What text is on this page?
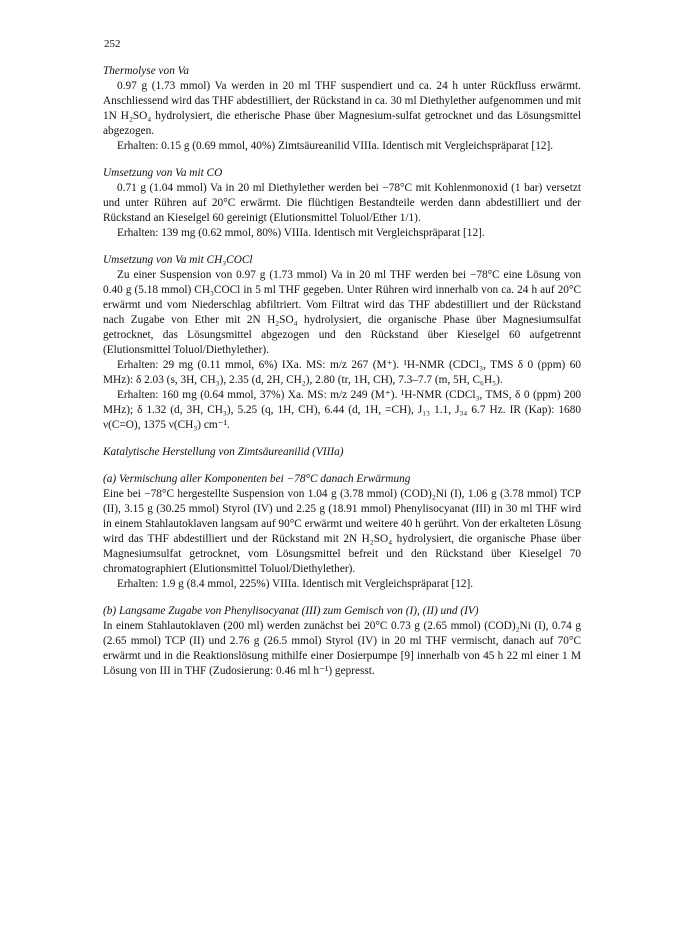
252
Thermolyse von Va

0.97 g (1.73 mmol) Va werden in 20 ml THF suspendiert und ca. 24 h unter Rückfluss erwärmt. Anschliessend wird das THF abdestilliert, der Rückstand in ca. 30 ml Diethylether aufgenommen und mit 1N H₂SO₄ hydrolysiert, die etherische Phase über Magnesium-sulfat getrocknet und das Lösungsmittel abgezogen.

Erhalten: 0.15 g (0.69 mmol, 40%) Zimtsäureanilid VIIIa. Identisch mit Vergleichspräparat [12].

Umsetzung von Va mit CO

0.71 g (1.04 mmol) Va in 20 ml Diethylether werden bei −78°C mit Kohlenmonoxid (1 bar) versetzt und unter Rühren auf 20°C erwärmt. Die flüchtigen Bestandteile werden dann abdestilliert und der Rückstand an Kieselgel 60 gereinigt (Elutionsmittel Toluol/Ether 1/1).

Erhalten: 139 mg (0.62 mmol, 80%) VIIIa. Identisch mit Vergleichspräparat [12].

Umsetzung von Va mit CH₃COCl

Zu einer Suspension von 0.97 g (1.73 mmol) Va in 20 ml THF werden bei −78°C eine Lösung von 0.40 g (5.18 mmol) CH₃COCl in 5 ml THF gegeben. Unter Rühren wird innerhalb von ca. 24 h auf 20°C erwärmt und vom Niederschlag abfiltriert. Vom Filtrat wird das THF abdestilliert und der Rückstand nach Zugabe von Ether mit 2N H₂SO₄ hydrolysiert, die organische Phase über Magnesiumsulfat getrocknet, das Lösungsmittel abgezogen und den Rückstand über Kieselgel 60 aufgetrennt (Elutionsmittel Toluol/Diethylether).

Erhalten: 29 mg (0.11 mmol, 6%) IXa. MS: m/z 267 (M⁺). ¹H-NMR (CDCl₃, TMS δ 0 (ppm) 60 MHz): δ 2.03 (s, 3H, CH₃), 2.35 (d, 2H, CH₂), 2.80 (tr, 1H, CH), 7.3–7.7 (m, 5H, C₆H₅).

Erhalten: 160 mg (0.64 mmol, 37%) Xa. MS: m/z 249 (M⁺). ¹H-NMR (CDCl₃, TMS, δ 0 (ppm) 200 MHz); δ 1.32 (d, 3H, CH₃), 5.25 (q, 1H, CH), 6.44 (d, 1H, =CH), J₁₃ 1.1, J₃₄ 6.7 Hz. IR (Kap): 1680 ν(C=O), 1375 ν(CH₃) cm⁻¹.

Katalytische Herstellung von Zimtsäureanilid (VIIIa)
(a) Vermischung aller Komponenten bei −78°C danach Erwärmung

Eine bei −78°C hergestellte Suspension von 1.04 g (3.78 mmol) (COD)₂Ni (I), 1.06 g (3.78 mmol) TCP (II), 3.15 g (30.25 mmol) Styrol (IV) und 2.25 g (18.91 mmol) Phenylisocyanat (III) in 30 ml THF wird in einem Stahlautoklaven langsam auf 90°C erwärmt und weitere 40 h gerührt. Von der erkalteten Lösung wird das THF abdestilliert und der Rückstand mit 2N H₂SO₄ hydrolysiert, die organische Phase über Magnesiumsulfat getrocknet, vom Lösungsmittel befreit und den Rückstand über Kieselgel 70 chromatographiert (Elutionsmittel Toluol/Diethylether).

Erhalten: 1.9 g (8.4 mmol, 225%) VIIIa. Identisch mit Vergleichspräparat [12].

(b) Langsame Zugabe von Phenylisocyanat (III) zum Gemisch von (I), (II) und (IV)

In einem Stahlautoklaven (200 ml) werden zunächst bei 20°C 0.73 g (2.65 mmol) (COD)₂Ni (I), 0.74 g (2.65 mmol) TCP (II) und 2.76 g (26.5 mmol) Styrol (IV) in 20 ml THF vermischt, danach auf 70°C erwärmt und in die Reaktionslösung mithilfe einer Dosierpumpe [9] innerhalb von 45 h 22 ml einer 1 M Lösung von III in THF (Zudosierung: 0.46 ml h⁻¹) gepresst.
